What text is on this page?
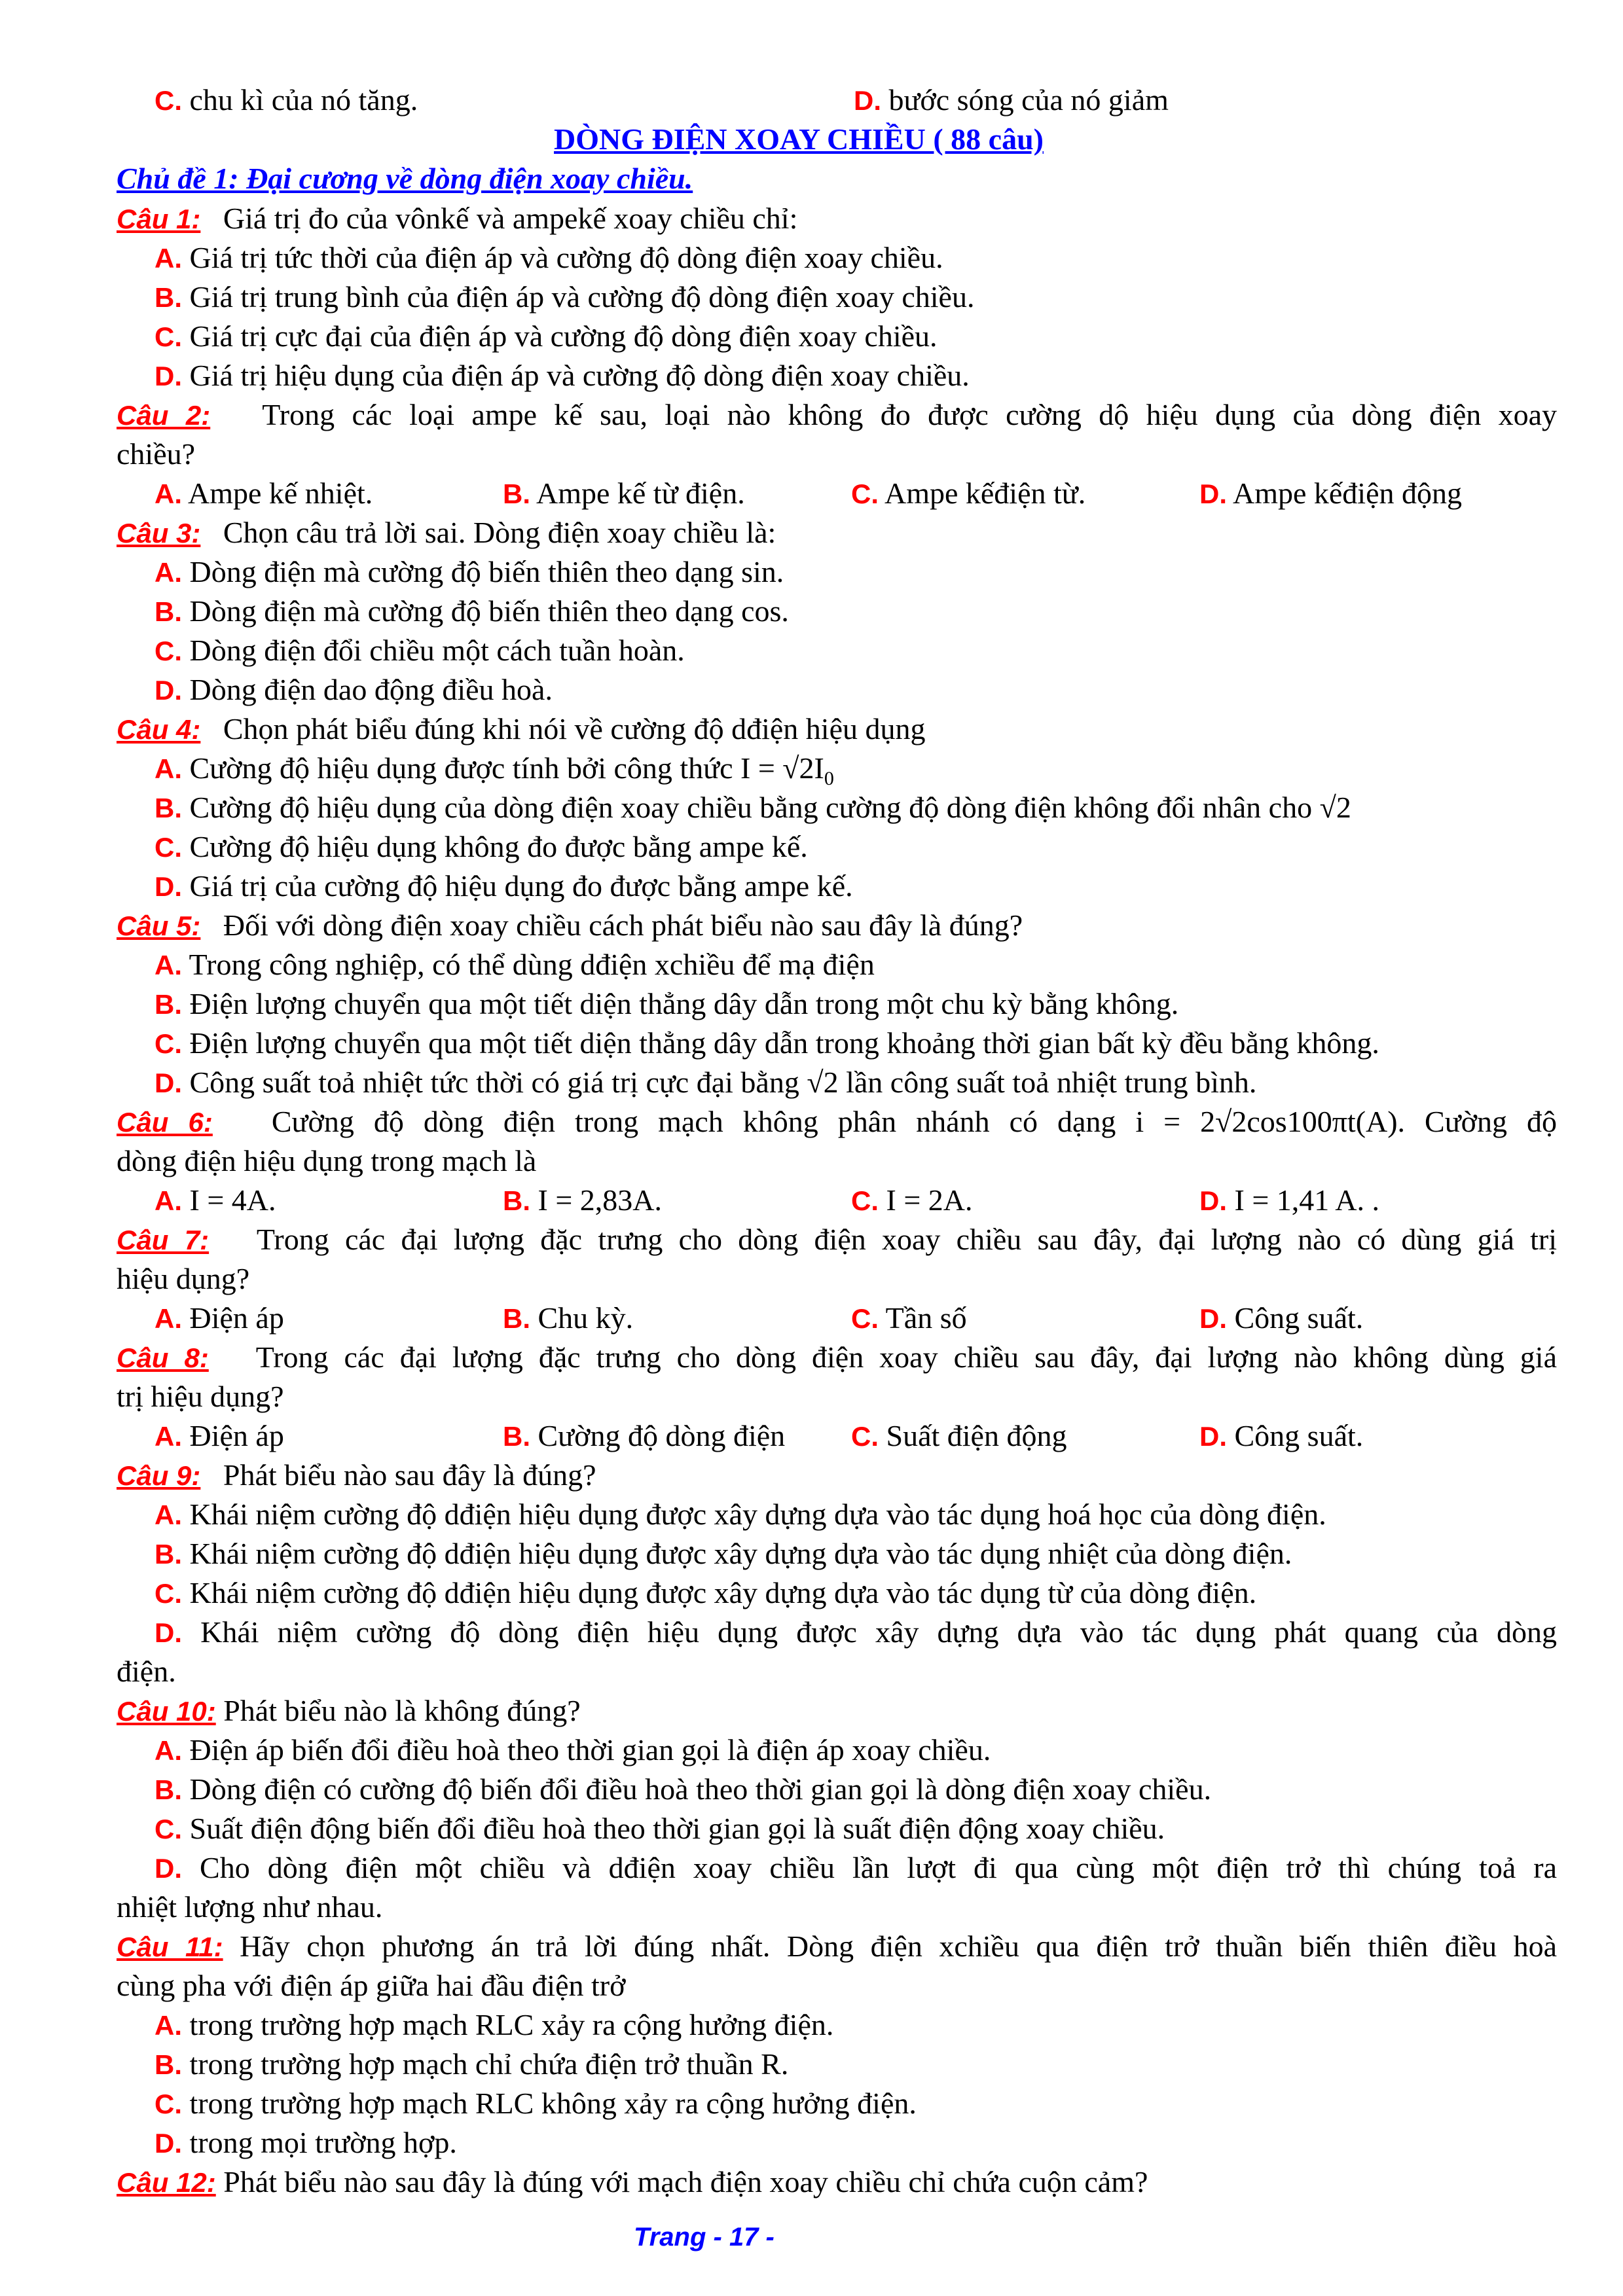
C. chu kì của nó tăng.	D. bước sóng của nó giảm
DÒNG ĐIỆN XOAY CHIỀU ( 88 câu)
Chủ đề 1: Đại cương về dòng điện xoay chiều.
Câu 1: Giá trị đo của vônkế và ampekế xoay chiều chỉ:
A. Giá trị tức thời của điện áp và cường độ dòng điện xoay chiều.
B. Giá trị trung bình của điện áp và cường độ dòng điện xoay chiều.
C. Giá trị cực đại của điện áp và cường độ dòng điện xoay chiều.
D. Giá trị hiệu dụng của điện áp và cường độ dòng điện xoay chiều.
Câu 2: Trong các loại ampe kế sau, loại nào không đo được cường dộ hiệu dụng của dòng điện xoay
chiều?
A. Ampe kế nhiệt.	B. Ampe kế từ điện.	C. Ampe kếđiện từ.	D. Ampe kếđiện động
Câu 3: Chọn câu trả lời sai. Dòng điện xoay chiều là:
A. Dòng điện mà cường độ biến thiên theo dạng sin.
B. Dòng điện mà cường độ biến thiên theo dạng cos.
C. Dòng điện đổi chiều một cách tuần hoàn.
D. Dòng điện dao động điều hoà.
Câu 4: Chọn phát biểu đúng khi nói về cường độ dđiện hiệu dụng
A. Cường độ hiệu dụng được tính bởi công thức $I = √2I_0$
B. Cường độ hiệu dụng của dòng điện xoay chiều bằng cường độ dòng điện không đổi nhân cho √2
C. Cường độ hiệu dụng không đo được bằng ampe kế.
D. Giá trị của cường độ hiệu dụng đo được bằng ampe kế.
Câu 5: Đối với dòng điện xoay chiều cách phát biểu nào sau đây là đúng?
A. Trong công nghiệp, có thể dùng dđiện xchiều để mạ điện
B. Điện lượng chuyển qua một tiết diện thẳng dây dẫn trong một chu kỳ bằng không.
C. Điện lượng chuyển qua một tiết diện thẳng dây dẫn trong khoảng thời gian bất kỳ đều bằng không.
D. Công suất toả nhiệt tức thời có giá trị cực đại bằng √2 lần công suất toả nhiệt trung bình.
Câu 6: Cường độ dòng điện trong mạch không phân nhánh có dạng i = 2√2cos100πt(A). Cường độ
dòng điện hiệu dụng trong mạch là
A. I = 4A.	B. I = 2,83A.	C. I = 2A.	D. I = 1,41 A. .
Câu 7: Trong các đại lượng đặc trưng cho dòng điện xoay chiều sau đây, đại lượng nào có dùng giá trị
hiệu dụng?
A. Điện áp	B. Chu kỳ.	C. Tần số	D. Công suất.
Câu 8: Trong các đại lượng đặc trưng cho dòng điện xoay chiều sau đây, đại lượng nào không dùng giá
trị hiệu dụng?
A. Điện áp	B. Cường độ dòng điện C. Suất điện động	D. Công suất.
Câu 9: Phát biểu nào sau đây là đúng?
A. Khái niệm cường độ dđiện hiệu dụng được xây dựng dựa vào tác dụng hoá học của dòng điện.
B. Khái niệm cường độ dđiện hiệu dụng được xây dựng dựa vào tác dụng nhiệt của dòng điện.
C. Khái niệm cường độ dđiện hiệu dụng được xây dựng dựa vào tác dụng từ của dòng điện.
D. Khái niệm cường độ dòng điện hiệu dụng được xây dựng dựa vào tác dụng phát quang của dòng
điện.
Câu 10: Phát biểu nào là không đúng?
A. Điện áp biến đổi điều hoà theo thời gian gọi là điện áp xoay chiều.
B. Dòng điện có cường độ biến đổi điều hoà theo thời gian gọi là dòng điện xoay chiều.
C. Suất điện động biến đổi điều hoà theo thời gian gọi là suất điện động xoay chiều.
D. Cho dòng điện một chiều và dđiện xoay chiều lần lượt đi qua cùng một điện trở thì chúng toả ra
nhiệt lượng như nhau.
Câu 11: Hãy chọn phương án trả lời đúng nhất. Dòng điện xchiều qua điện trở thuần biến thiên điều hoà
cùng pha với điện áp giữa hai đầu điện trở
A. trong trường hợp mạch RLC xảy ra cộng hưởng điện.
B. trong trường hợp mạch chỉ chứa điện trở thuần R.
C. trong trường hợp mạch RLC không xảy ra cộng hưởng điện.
D. trong mọi trường hợp.
Câu 12: Phát biểu nào sau đây là đúng với mạch điện xoay chiều chỉ chứa cuộn cảm?
Trang - 17 -
